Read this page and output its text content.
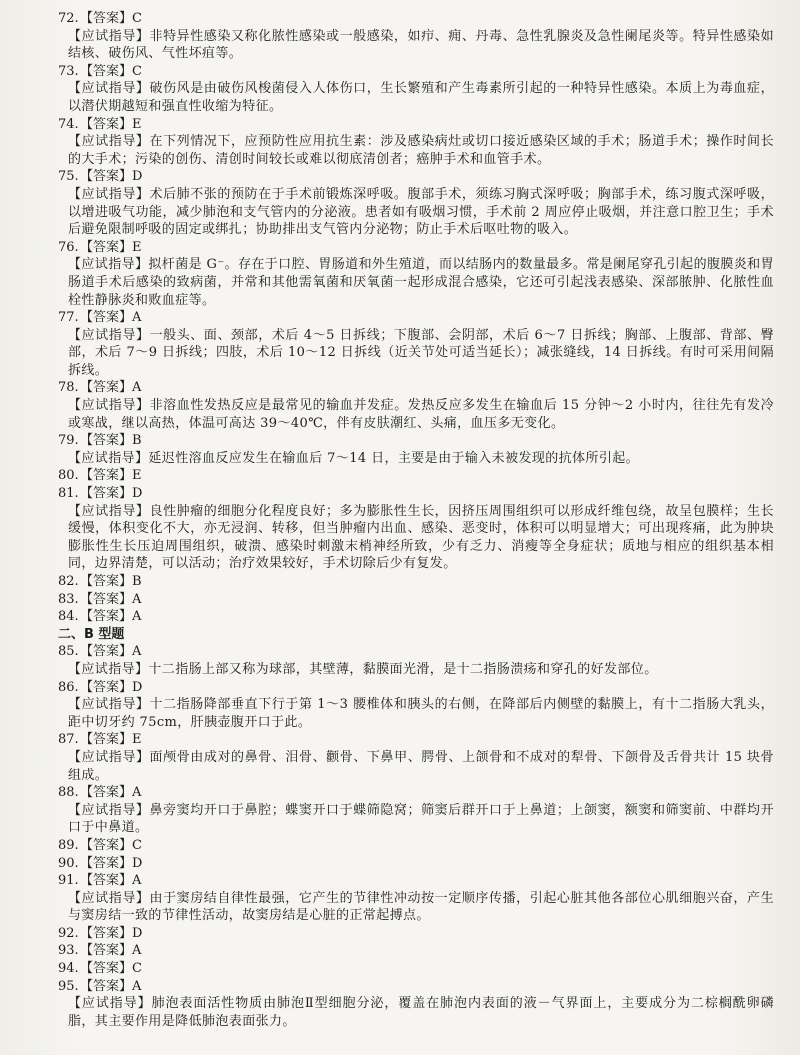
72.【答案】C
【应试指导】非特异性感染又称化脓性感染或一般感染，如疖、痈、丹毒、急性乳腺炎及急性阑尾炎等。特异性感染如结核、破伤风、气性坏疽等。
73.【答案】C
【应试指导】破伤风是由破伤风梭菌侵入人体伤口，生长繁殖和产生毒素所引起的一种特异性感染。本质上为毒血症，以潜伏期越短和强直性收缩为特征。
74.【答案】E
【应试指导】在下列情况下，应预防性应用抗生素：涉及感染病灶或切口接近感染区域的手术；肠道手术；操作时间长的大手术；污染的创伤、清创时间较长或难以彻底清创者；癌肿手术和血管手术。
75.【答案】D
【应试指导】术后肺不张的预防在于手术前锻炼深呼吸。腹部手术，须练习胸式深呼吸；胸部手术，练习腹式深呼吸，以增进吸气功能，减少肺泡和支气管内的分泌液。患者如有吸烟习惯，手术前 2 周应停止吸烟，并注意口腔卫生；手术后避免限制呼吸的固定或绑扎；协助排出支气管内分泌物；防止手术后呕吐物的吸入。
76.【答案】E
【应试指导】拟杆菌是 G⁻。存在于口腔、胃肠道和外生殖道，而以结肠内的数量最多。常是阑尾穿孔引起的腹膜炎和胃肠道手术后感染的致病菌，并常和其他需氧菌和厌氧菌一起形成混合感染，它还可引起浅表感染、深部脓肿、化脓性血栓性静脉炎和败血症等。
77.【答案】A
【应试指导】一般头、面、颈部，术后 4～5 日拆线；下腹部、会阴部，术后 6～7 日拆线；胸部、上腹部、背部、臀部，术后 7～9 日拆线；四肢，术后 10～12 日拆线（近关节处可适当延长）；减张缝线，14 日拆线。有时可采用间隔拆线。
78.【答案】A
【应试指导】非溶血性发热反应是最常见的输血并发症。发热反应多发生在输血后 15 分钟～2 小时内，往往先有发冷或寒战，继以高热，体温可高达 39～40℃，伴有皮肤潮红、头痛，血压多无变化。
79.【答案】B
【应试指导】延迟性溶血反应发生在输血后 7～14 日，主要是由于输入未被发现的抗体所引起。
80.【答案】E
81.【答案】D
【应试指导】良性肿瘤的细胞分化程度良好；多为膨胀性生长，因挤压周围组织可以形成纤维包绕，故呈包膜样；生长缓慢，体积变化不大，亦无浸润、转移，但当肿瘤内出血、感染、恶变时，体积可以明显增大；可出现疼痛，此为肿块膨胀性生长压迫周围组织，破溃、感染时刺激末梢神经所致，少有乏力、消瘦等全身症状；质地与相应的组织基本相同，边界清楚，可以活动；治疗效果较好，手术切除后少有复发。
82.【答案】B
83.【答案】A
84.【答案】A
二、B 型题
85.【答案】A
【应试指导】十二指肠上部又称为球部，其壁薄，黏膜面光滑，是十二指肠溃疡和穿孔的好发部位。
86.【答案】D
【应试指导】十二指肠降部垂直下行于第 1～3 腰椎体和胰头的右侧，在降部后内侧壁的黏膜上，有十二指肠大乳头，距中切牙约 75cm，肝胰壶腹开口于此。
87.【答案】E
【应试指导】面颅骨由成对的鼻骨、泪骨、颧骨、下鼻甲、腭骨、上颌骨和不成对的犁骨、下颌骨及舌骨共计 15 块骨组成。
88.【答案】A
【应试指导】鼻旁窦均开口于鼻腔；蝶窦开口于蝶筛隐窝；筛窦后群开口于上鼻道；上颌窦，额窦和筛窦前、中群均开口于中鼻道。
89.【答案】C
90.【答案】D
91.【答案】A
【应试指导】由于窦房结自律性最强，它产生的节律性冲动按一定顺序传播，引起心脏其他各部位心肌细胞兴奋，产生与窦房结一致的节律性活动，故窦房结是心脏的正常起搏点。
92.【答案】D
93.【答案】A
94.【答案】C
95.【答案】A
【应试指导】肺泡表面活性物质由肺泡Ⅱ型细胞分泌，覆盖在肺泡内表面的液－气界面上，主要成分为二棕榈酰卵磷脂，其主要作用是降低肺泡表面张力。
